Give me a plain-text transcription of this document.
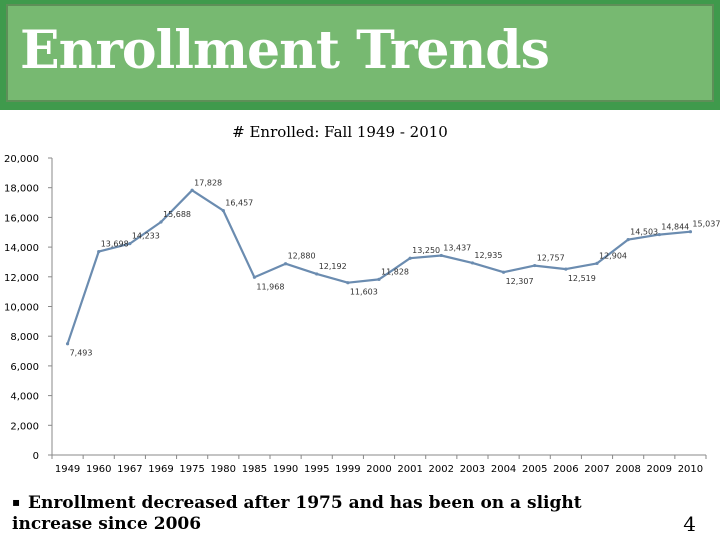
Enrollment Trends
# Enrolled: Fall 1949 - 2010
0
2,000
4,000
6,000
8,000
10,000
12,000
14,000
16,000
18,000
20,000
1949 1960 1967 1969 1975 1980 1985 1990 1995 1999 2000 2001 2002 2003 2004 2005 2006 2007 2008 2009 2010
7,493
13,698
14,233
15,688
17,828
16,457
11,968
12,880
12,192
11,603
11,828
13,250 13,437
12,935
12,307
12,757
12,519
12,904
14,503
14,844 15,037
▪ Enrollment decreased after 1975 and has been on a slight increase since 2006	4
